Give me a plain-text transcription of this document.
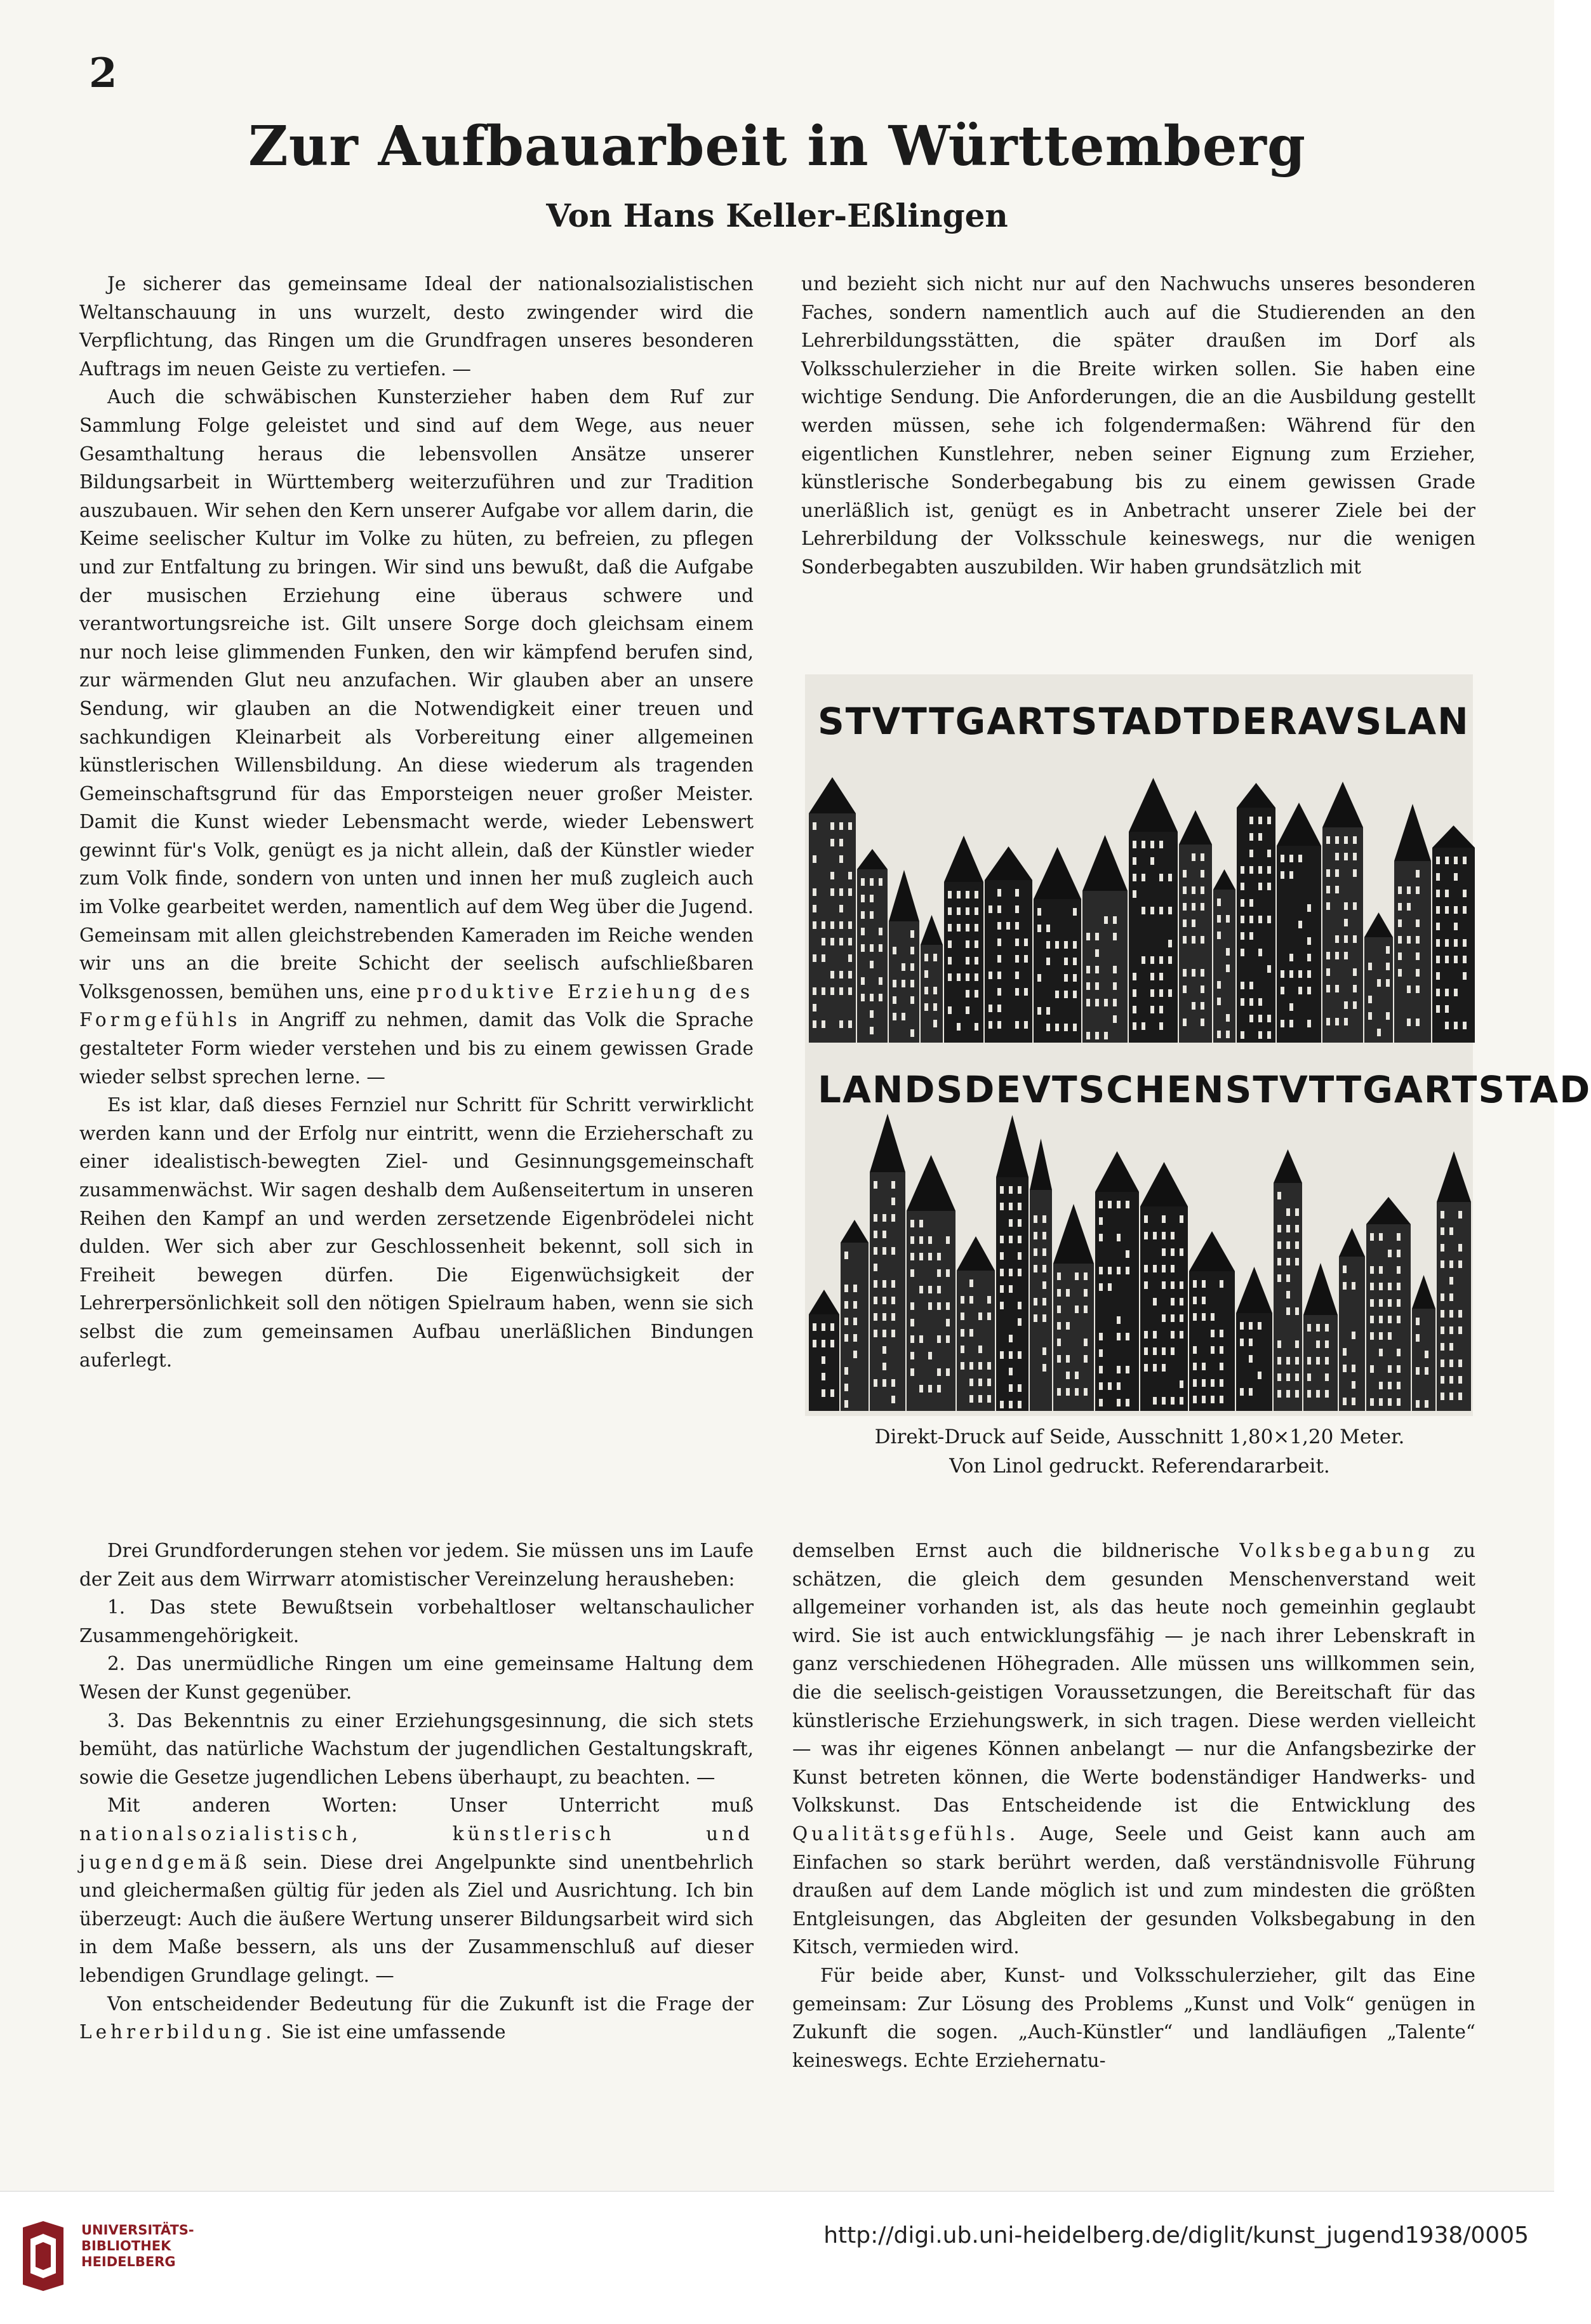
2
Zur Aufbauarbeit in Württemberg
Von Hans Keller-Eßlingen

Je sicherer das gemeinsame Ideal der nationalsozialistischen Weltanschauung in uns wurzelt, desto zwingender wird die Verpflichtung, das Ringen um die Grundfragen unseres besonderen Auftrags im neuen Geiste zu vertiefen. —

Auch die schwäbischen Kunsterzieher haben dem Ruf zur Sammlung Folge geleistet und sind auf dem Wege, aus neuer Gesamthaltung heraus die lebensvollen Ansätze unserer Bildungsarbeit in Württemberg weiterzuführen und zur Tradition auszubauen. Wir sehen den Kern unserer Aufgabe vor allem darin, die Keime seelischer Kultur im Volke zu hüten, zu befreien, zu pflegen und zur Entfaltung zu bringen. Wir sind uns bewußt, daß die Aufgabe der musischen Erziehung eine überaus schwere und verantwortungsreiche ist. Gilt unsere Sorge doch gleichsam einem nur noch leise glimmenden Funken, den wir kämpfend berufen sind, zur wärmenden Glut neu anzufachen. Wir glauben aber an unsere Sendung, wir glauben an die Notwendigkeit einer treuen und sachkundigen Kleinarbeit als Vorbereitung einer allgemeinen künstlerischen Willensbildung. An diese wiederum als tragenden Gemeinschaftsgrund für das Emporsteigen neuer großer Meister. Damit die Kunst wieder Lebensmacht werde, wieder Lebenswert gewinnt für's Volk, genügt es ja nicht allein, daß der Künstler wieder zum Volk finde, sondern von unten und innen her muß zugleich auch im Volke gearbeitet werden, namentlich auf dem Weg über die Jugend. Gemeinsam mit allen gleichstrebenden Kameraden im Reiche wenden wir uns an die breite Schicht der seelisch aufschließbaren Volksgenossen, bemühen uns, eine produktive Erziehung des Formgefühls in Angriff zu nehmen, damit das Volk die Sprache gestalteter Form wieder verstehen und bis zu einem gewissen Grade wieder selbst sprechen lerne. —

Es ist klar, daß dieses Fernziel nur Schritt für Schritt verwirklicht werden kann und der Erfolg nur eintritt, wenn die Erzieherschaft zu einer idealistisch-bewegten Ziel- und Gesinnungsgemeinschaft zusammenwächst. Wir sagen deshalb dem Außenseitertum in unseren Reihen den Kampf an und werden zersetzende Eigenbrödelei nicht dulden. Wer sich aber zur Geschlossenheit bekennt, soll sich in Freiheit bewegen dürfen. Die Eigenwüchsigkeit der Lehrerpersönlichkeit soll den nötigen Spielraum haben, wenn sie sich selbst die zum gemeinsamen Aufbau unerläßlichen Bindungen auferlegt.

und bezieht sich nicht nur auf den Nachwuchs unseres besonderen Faches, sondern namentlich auch auf die Studierenden an den Lehrerbildungsstätten, die später draußen im Dorf als Volksschulerzieher in die Breite wirken sollen. Sie haben eine wichtige Sendung. Die Anforderungen, die an die Ausbildung gestellt werden müssen, sehe ich folgendermaßen: Während für den eigentlichen Kunstlehrer, neben seiner Eignung zum Erzieher, künstlerische Sonderbegabung bis zu einem gewissen Grade unerläßlich ist, genügt es in Anbetracht unserer Ziele bei der Lehrerbildung der Volksschule keineswegs, nur die wenigen Sonderbegabten auszubilden. Wir haben grundsätzlich mit

STVTTGART STADT DER AVSLAN
LANDSDEVTSCHEN STVTTGART STAD
Direkt-Druck auf Seide, Ausschnitt 1,80×1,20 Meter.
Von Linol gedruckt. Referendararbeit.

Drei Grundforderungen stehen vor jedem. Sie müssen uns im Laufe der Zeit aus dem Wirrwarr atomistischer Vereinzelung herausheben:

1. Das stete Bewußtsein vorbehaltloser weltanschaulicher Zusammengehörigkeit.

2. Das unermüdliche Ringen um eine gemeinsame Haltung dem Wesen der Kunst gegenüber.

3. Das Bekenntnis zu einer Erziehungsgesinnung, die sich stets bemüht, das natürliche Wachstum der jugendlichen Gestaltungskraft, sowie die Gesetze jugendlichen Lebens überhaupt, zu beachten. —

Mit anderen Worten: Unser Unterricht muß nationalsozialistisch, künstlerisch und jugendgemäß sein. Diese drei Angelpunkte sind unentbehrlich und gleichermaßen gültig für jeden als Ziel und Ausrichtung. Ich bin überzeugt: Auch die äußere Wertung unserer Bildungsarbeit wird sich in dem Maße bessern, als uns der Zusammenschluß auf dieser lebendigen Grundlage gelingt. —

Von entscheidender Bedeutung für die Zukunft ist die Frage der Lehrerbildung. Sie ist eine umfassende

demselben Ernst auch die bildnerische Volksbegabung zu schätzen, die gleich dem gesunden Menschenverstand weit allgemeiner vorhanden ist, als das heute noch gemeinhin geglaubt wird. Sie ist auch entwicklungsfähig — je nach ihrer Lebenskraft in ganz verschiedenen Höhegraden. Alle müssen uns willkommen sein, die die seelisch-geistigen Voraussetzungen, die Bereitschaft für das künstlerische Erziehungswerk, in sich tragen. Diese werden vielleicht — was ihr eigenes Können anbelangt — nur die Anfangsbezirke der Kunst betreten können, die Werte bodenständiger Handwerks- und Volkskunst. Das Entscheidende ist die Entwicklung des Qualitätsgefühls. Auge, Seele und Geist kann auch am Einfachen so stark berührt werden, daß verständnisvolle Führung draußen auf dem Lande möglich ist und zum mindesten die größten Entgleisungen, das Abgleiten der gesunden Volksbegabung in den Kitsch, vermieden wird.

Für beide aber, Kunst- und Volksschulerzieher, gilt das Eine gemeinsam: Zur Lösung des Problems „Kunst und Volk“ genügen in Zukunft die sogen. „Auch-Künstler“ und landläufigen „Talente“ keineswegs. Echte Erziehernatu-

UNIVERSITÄTS-
BIBLIOTHEK
HEIDELBERG
http://digi.ub.uni-heidelberg.de/diglit/kunst_jugend1938/0005
